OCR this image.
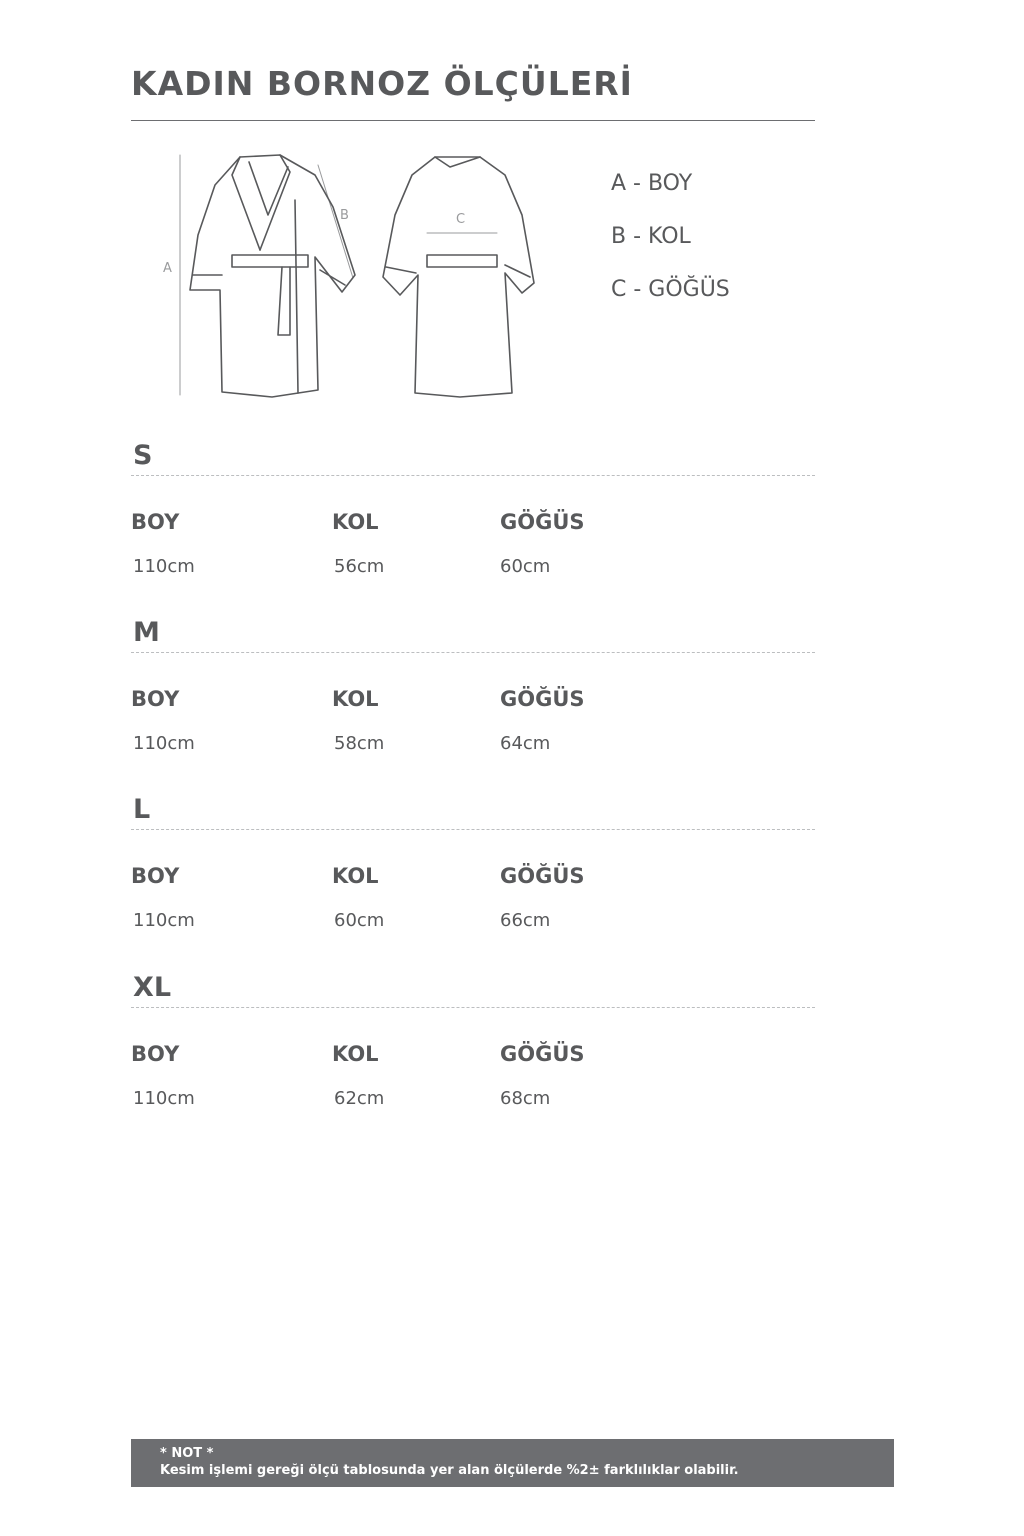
KADIN BORNOZ ÖLÇÜLERİ
A
B	C
A - BOY
B - KOL
C - GÖĞÜS
S
BOY	KOL	GÖĞÜS
110cm	56cm	60cm
M
BOY	KOL	GÖĞÜS
110cm	58cm	64cm
L
BOY	KOL	GÖĞÜS
110cm	60cm	66cm
XL
BOY	KOL	GÖĞÜS
110cm	62cm	68cm
* NOT *
Kesim işlemi gereği ölçü tablosunda yer alan ölçülerde %2± farklılıklar olabilir.
